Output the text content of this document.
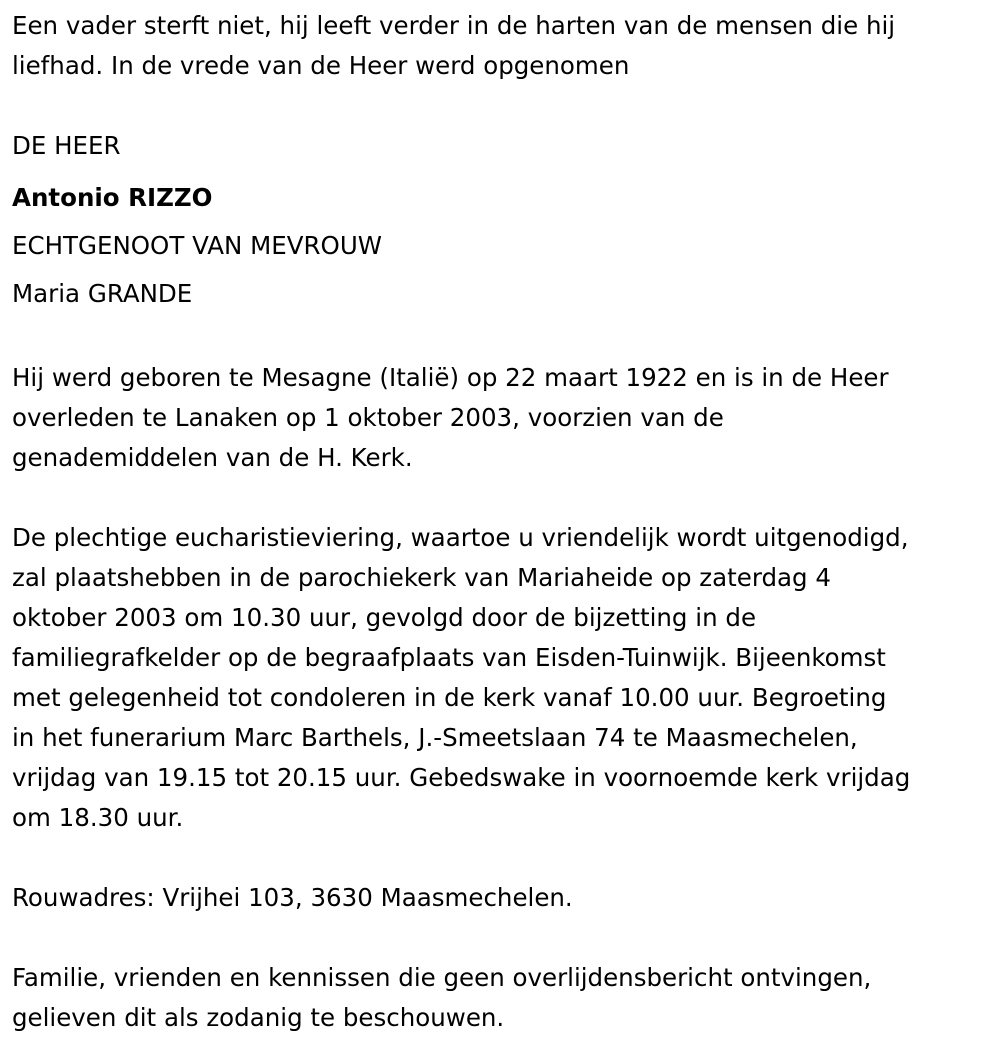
Een vader sterft niet, hij leeft verder in de harten van de mensen die hij
liefhad. In de vrede van de Heer werd opgenomen

DE HEER
Antonio RIZZO
ECHTGENOOT VAN MEVROUW
Maria GRANDE

Hij werd geboren te Mesagne (Italië) op 22 maart 1922 en is in de Heer
overleden te Lanaken op 1 oktober 2003, voorzien van de
genademiddelen van de H. Kerk.

De plechtige eucharistieviering, waartoe u vriendelijk wordt uitgenodigd,
zal plaatshebben in de parochiekerk van Mariaheide op zaterdag 4
oktober 2003 om 10.30 uur, gevolgd door de bijzetting in de
familiegrafkelder op de begraafplaats van Eisden-Tuinwijk. Bijeenkomst
met gelegenheid tot condoleren in de kerk vanaf 10.00 uur. Begroeting
in het funerarium Marc Barthels, J.-Smeetslaan 74 te Maasmechelen,
vrijdag van 19.15 tot 20.15 uur. Gebedswake in voornoemde kerk vrijdag
om 18.30 uur.

Rouwadres: Vrijhei 103, 3630 Maasmechelen.

Familie, vrienden en kennissen die geen overlijdensbericht ontvingen,
gelieven dit als zodanig te beschouwen.
